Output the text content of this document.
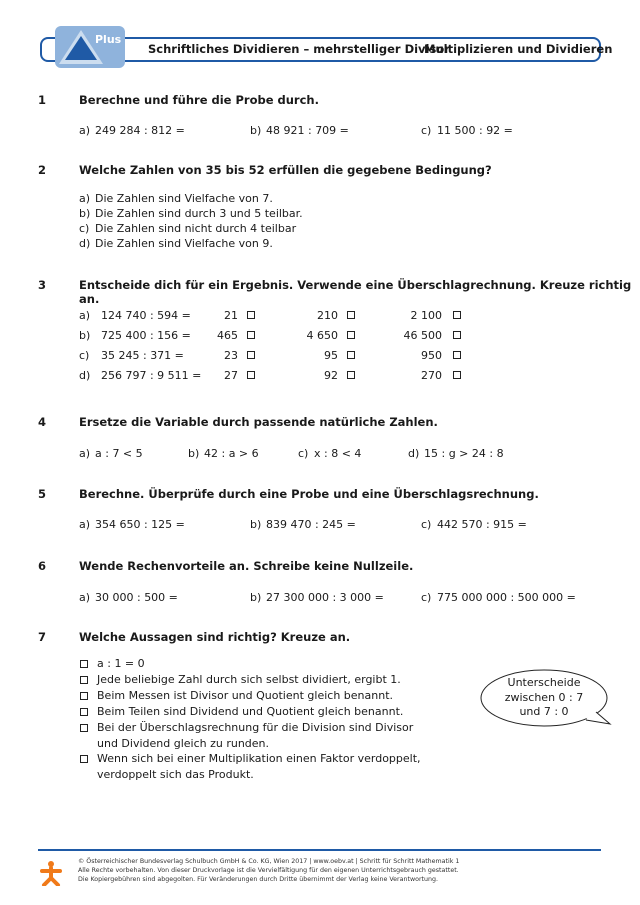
Plus
Schriftliches Dividieren – mehrstelliger Divisor
Multiplizieren und Dividieren
1	Berechne und führe die Probe durch.
a) 249 284 : 812 =	b) 48 921 : 709 =	c) 11 500 : 92 =
2	Welche Zahlen von 35 bis 52 erfüllen die gegebene Bedingung?
a) Die Zahlen sind Vielfache von 7.
b) Die Zahlen sind durch 3 und 5 teilbar.
c) Die Zahlen sind nicht durch 4 teilbar
d) Die Zahlen sind Vielfache von 9.
3	Entscheide dich für ein Ergebnis. Verwende eine Überschlagrechnung. Kreuze richtig an.
a) 124 740 : 594 =	21	210	2 100
b) 725 400 : 156 =	465	4 650	46 500
c) 35 245 : 371 =	23	95	950
d) 256 797 : 9 511 =	27	92	270
4	Ersetze die Variable durch passende natürliche Zahlen.
a) a : 7 < 5	b) 42 : a > 6	c) x : 8 < 4	d) 15 : g > 24 : 8
5	Berechne. Überprüfe durch eine Probe und eine Überschlagsrechnung.
a) 354 650 : 125 =	b) 839 470 : 245 =	c) 442 570 : 915 =
6	Wende Rechenvorteile an. Schreibe keine Nullzeile.
a) 30 000 : 500 =	b) 27 300 000 : 3 000 =	c) 775 000 000 : 500 000 =
7	Welche Aussagen sind richtig? Kreuze an.
a : 1 = 0
Jede beliebige Zahl durch sich selbst dividiert, ergibt 1.
Beim Messen ist Divisor und Quotient gleich benannt.
Beim Teilen sind Dividend und Quotient gleich benannt.
Bei der Überschlagsrechnung für die Division sind Divisor
und Dividend gleich zu runden.
Wenn sich bei einer Multiplikation einen Faktor verdoppelt,
verdoppelt sich das Produkt.
Unterscheide
zwischen 0 : 7
und 7 : 0
© Österreichischer Bundesverlag Schulbuch GmbH & Co. KG, Wien 2017 | www.oebv.at | Schritt für Schritt Mathematik 1
Alle Rechte vorbehalten. Von dieser Druckvorlage ist die Vervielfältigung für den eigenen Unterrichtsgebrauch gestattet.
Die Kopiergebühren sind abgegolten. Für Veränderungen durch Dritte übernimmt der Verlag keine Verantwortung.
